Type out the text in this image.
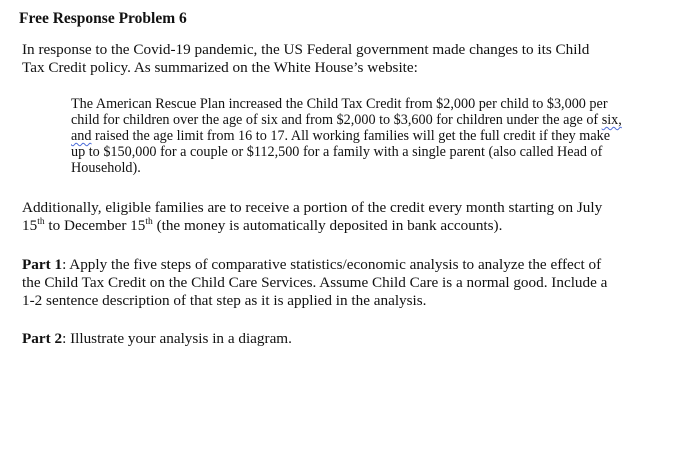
Free Response Problem 6

In response to the Covid-19 pandemic, the US Federal government made changes to its Child

Tax Credit policy. As summarized on the White House’s website:

The American Rescue Plan increased the Child Tax Credit from $2,000 per child to $3,000 per

child for children over the age of six and from $2,000 to $3,600 for children under the age of six,

and raised the age limit from 16 to 17. All working families will get the full credit if they make

up to $150,000 for a couple or $112,500 for a family with a single parent (also called Head of

Household).

Additionally, eligible families are to receive a portion of the credit every month starting on July

15th to December 15th (the money is automatically deposited in bank accounts).

Part 1: Apply the five steps of comparative statistics/economic analysis to analyze the effect of

the Child Tax Credit on the Child Care Services. Assume Child Care is a normal good. Include a

1-2 sentence description of that step as it is applied in the analysis.

Part 2: Illustrate your analysis in a diagram.
